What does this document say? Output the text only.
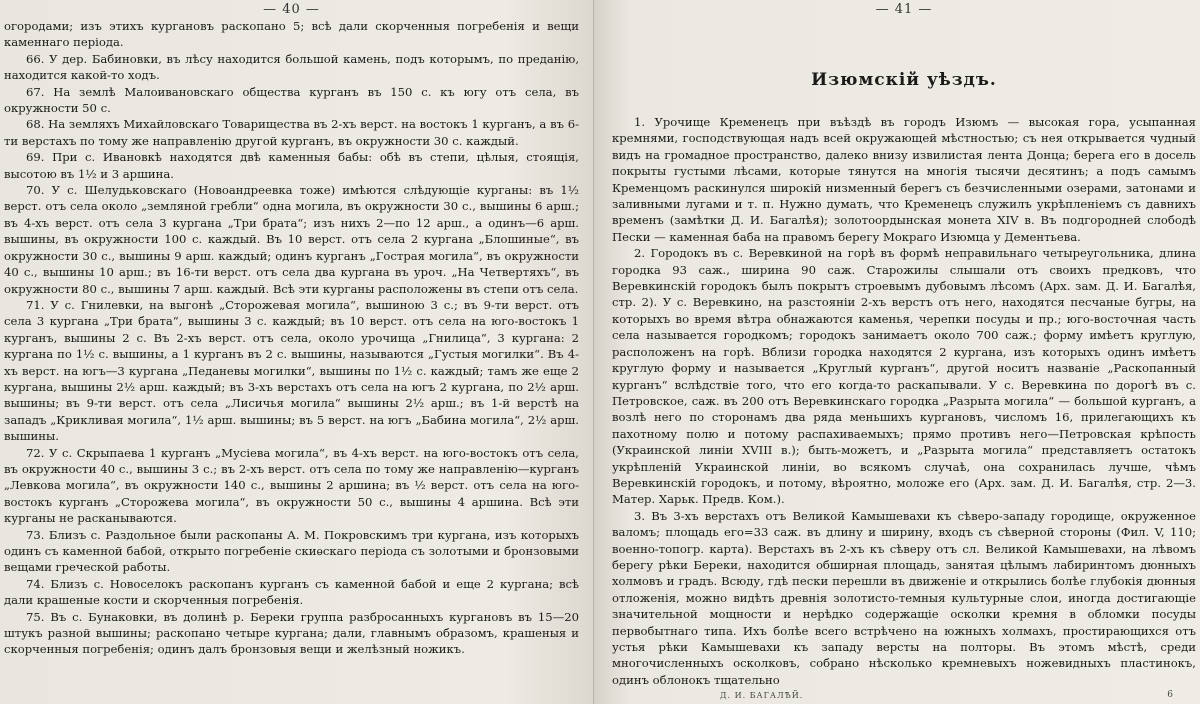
— 40 —

огородами; изъ этихъ кургановъ раскопано 5; всѣ дали скорченныя погребенія и вещи каменнаго періода.

66. У дер. Бабиновки, въ лѣсу находится большой камень, подъ которымъ, по преданію, находится какой-то ходъ.

67. На землѣ Малоивановскаго общества курганъ въ 150 с. къ югу отъ села, въ окружности 50 с.

68. На земляхъ Михайловскаго Товарищества въ 2-хъ верст. на востокъ 1 курганъ, а въ 6-ти верстахъ по тому же направленію другой курганъ, въ окружности 30 с. каждый.

69. При с. Ивановкѣ находятся двѣ каменныя бабы: обѣ въ степи, цѣлыя, стоящія, высотою въ 1½ и 3 аршина.

70. У с. Шелудьковскаго (Новоандреевка тоже) имѣются слѣдующіе курганы: въ 1½ верст. отъ села около „земляной гребли“ одна могила, въ окружности 30 с., вышины 6 арш.; въ 4-хъ верст. отъ села 3 кургана „Три брата“; изъ нихъ 2—по 12 арш., а одинъ—6 арш. вышины, въ окружности 100 с. каждый. Въ 10 верст. отъ села 2 кургана „Блошиные“, въ окружности 30 с., вышины 9 арш. каждый; одинъ курганъ „Гострая могила“, въ окружности 40 с., вышины 10 арш.; въ 16-ти верст. отъ села два кургана въ уроч. „На Четвертяхъ“, въ окружности 80 с., вышины 7 арш. каждый. Всѣ эти курганы расположены въ степи отъ села.

71. У с. Гнилевки, на выгонѣ „Сторожевая могила“, вышиною 3 с.; въ 9-ти верст. отъ села 3 кургана „Три брата“, вышины 3 с. каждый; въ 10 верст. отъ села на юго-востокъ 1 курганъ, вышины 2 с. Въ 2-хъ верст. отъ села, около урочища „Гнилица“, 3 кургана: 2 кургана по 1½ с. вышины, а 1 курганъ въ 2 с. вышины, называются „Густыя могилки“. Въ 4-хъ верст. на югъ—3 кургана „Педаневы могилки“, вышины по 1½ с. каждый; тамъ же еще 2 кургана, вышины 2½ арш. каждый; въ 3-хъ верстахъ отъ села на югъ 2 кургана, по 2½ арш. вышины; въ 9-ти верст. отъ села „Лисичья могила“ вышины 2½ арш.; въ 1-й верстѣ на западъ „Крикливая могила“, 1½ арш. вышины; въ 5 верст. на югъ „Бабина могила“, 2½ арш. вышины.

72. У с. Скрыпаева 1 курганъ „Мусіева могила“, въ 4-хъ верст. на юго-востокъ отъ села, въ окружности 40 с., вышины 3 с.; въ 2-хъ верст. отъ села по тому же направленію—курганъ „Левкова могила“, въ окружности 140 с., вышины 2 аршина; въ ½ верст. отъ села на юго-востокъ курганъ „Сторожева могила“, въ окружности 50 с., вышины 4 аршина. Всѣ эти курганы не расканываются.

73. Близъ с. Раздольное были раскопаны А. М. Покровскимъ три кургана, изъ которыхъ одинъ съ каменной бабой, открыто погребеніе скиѳскаго періода съ золотыми и бронзовыми вещами греческой работы.

74. Близъ с. Новоселокъ раскопанъ курганъ съ каменной бабой и еще 2 кургана; всѣ дали крашеные кости и скорченныя погребенія.

75. Въ с. Бунаковки, въ долинѣ р. Береки группа разбросанныхъ кургановъ въ 15—20 штукъ разной вышины; раскопано четыре кургана; дали, главнымъ образомъ, крашеныя и скорченныя погребенія; одинъ далъ бронзовыя вещи и желѣзный ножикъ.

— 41 —
Изюмскій уѣздъ.

1. Урочище Кременецъ при въѣздѣ въ городъ Изюмъ — высокая гора, усыпанная кремнями, господствующая надъ всей окружающей мѣстностью; съ нея открывается чудный видъ на громадное пространство, далеко внизу извилистая лента Донца; берега его в досель покрыты густыми лѣсами, которые тянутся на многія тысячи десятинъ; а подъ самымъ Кременцомъ раскинулся широкій низменный берегъ съ безчисленными озерами, затонами и заливными лугами и т. п. Нужно думать, что Кременецъ служилъ укрѣпленіемъ съ давнихъ временъ (замѣтки Д. И. Багалѣя); золотоордынская монета XIV в. Въ подгородней слободѣ Пески — каменная баба на правомъ берегу Мокраго Изюмца у Дементьева.

2. Городокъ въ с. Веревкиной на горѣ въ формѣ неправильнаго четыреугольника, длина городка 93 саж., ширина 90 саж. Старожилы слышали отъ своихъ предковъ, что Веревкинскій городокъ былъ покрытъ строевымъ дубовымъ лѣсомъ (Арх. зам. Д. И. Багалѣя, стр. 2). У с. Веревкино, на разстояніи 2-хъ верстъ отъ него, находятся песчаные бугры, на которыхъ во время вѣтра обнажаются каменья, черепки посуды и пр.; юго-восточная часть села называется городкомъ; городокъ занимаетъ около 700 саж.; форму имѣетъ круглую, расположенъ на горѣ. Вблизи городка находятся 2 кургана, изъ которыхъ одинъ имѣетъ круглую форму и называется „Круглый курганъ“, другой носитъ названіе „Раскопанный курганъ“ вслѣдствіе того, что его когда-то раскапывали. У с. Веревкина по дорогѣ въ с. Петровское, саж. въ 200 отъ Веревкинскаго городка „Разрыта могила“ — большой курганъ, а возлѣ него по сторонамъ два ряда меньшихъ кургановъ, числомъ 16, прилегающихъ къ пахотному полю и потому распахиваемыхъ; прямо противъ него—Петровская крѣпость (Украинской линіи XVIII в.); быть-можетъ, и „Разрыта могила“ представляетъ остатокъ укрѣпленій Украинской линіи, во всякомъ случаѣ, она сохранилась лучше, чѣмъ Веревкинскій городокъ, и потому, вѣроятно, моложе его (Арх. зам. Д. И. Багалѣя, стр. 2—3. Матер. Харьк. Предв. Ком.).

3. Въ 3-хъ верстахъ отъ Великой Камышевахи къ сѣверо-западу городище, окруженное валомъ; площадь его=33 саж. въ длину и ширину, входъ съ сѣверной стороны (Фил. V, 110; военно-топогр. карта). Верстахъ въ 2-хъ къ сѣверу отъ сл. Великой Камышевахи, на лѣвомъ берегу рѣки Береки, находится обширная площадь, занятая цѣлымъ лабиринтомъ дюнныхъ холмовъ и градъ. Всюду, гдѣ пески перешли въ движеніе и открылись болѣе глубокія дюнныя отложенія, можно видѣть древнія золотисто-темныя культурные слои, иногда достигающіе значительной мощности и нерѣдко содержащіе осколки кремня в обломки посуды первобытнаго типа. Ихъ болѣе всего встрѣчено на южныхъ холмахъ, простирающихся отъ устья рѣки Камышевахи къ западу версты на полторы. Въ этомъ мѣстѣ, среди многочисленныхъ осколковъ, собрано нѣсколько кремневыхъ ножевидныхъ пластинокъ, одинъ облонокъ тщательно

Д. И. БАГАЛѢЙ.	6
